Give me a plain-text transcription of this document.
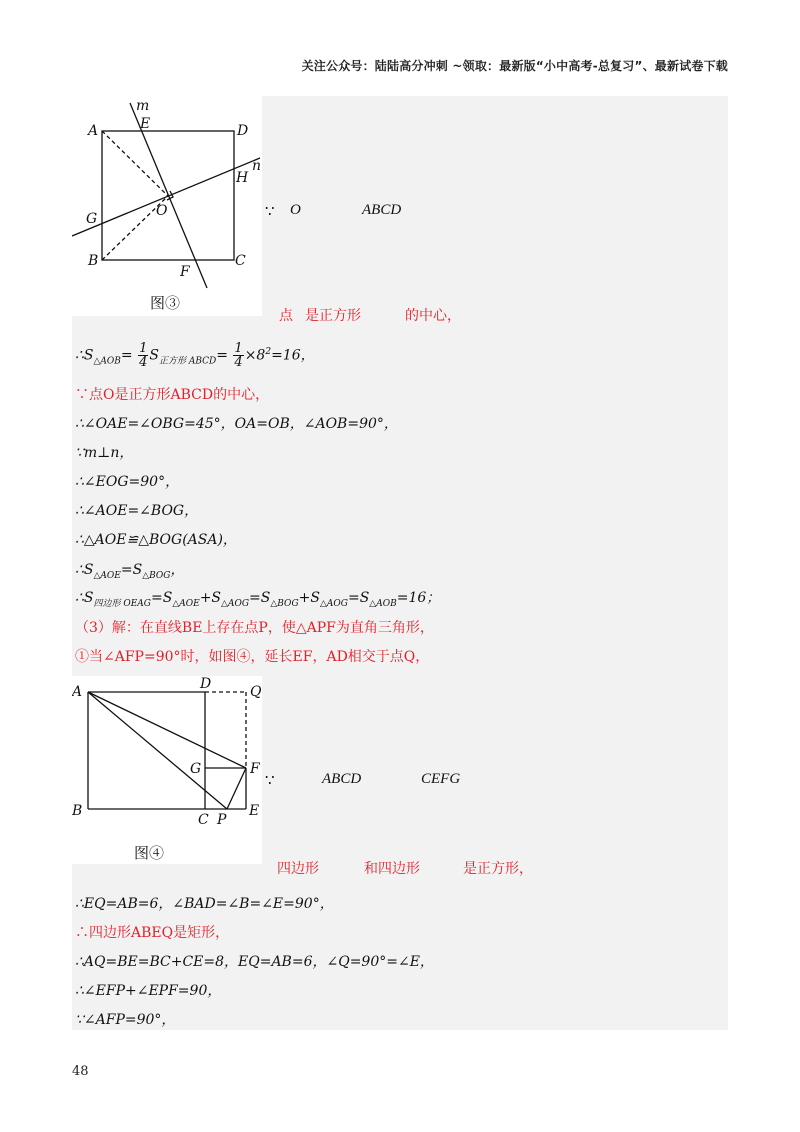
关注公众号：陆陆高分冲刺 ~领取：最新版“小中高考-总复习”、最新试卷下载
m
n
A	E	D
H
G	O
B
F
C
图③
∵ O	ABCD
点 是正方形	的中心，
$\therefore S_{\triangle AOB}= \frac{1}{4} S_{正方形 ABCD}= \frac{1}{4} \times 8^2=16$，
∵点O是正方形ABCD的中心，
∴∠OAE=∠OBG=45°，OA=OB，∠AOB=90°，
∵m⊥n，
∴∠EOG=90°，
∴∠AOE=∠BOG，
∴△AOE≌△BOG(ASA)，
$\therefore S_{\triangle AOE}=S_{\triangle BOG}$，
$\therefore S_{四边形 OEAG}=S_{\triangle AOE}+S_{\triangle AOG}=S_{\triangle BOG}+S_{\triangle AOG}=S_{\triangle AOB}=16$；
（3）解：在直线BE上存在点P，使△APF为直角三角形，
①当∠AFP=90°时，如图④，延长EF，AD相交于点Q，
A	D	Q
G	F
B
C P
E
图④
∵	ABCD	CEFG
四边形	和四边形	是正方形，
∴EQ=AB=6，∠BAD=∠B=∠E=90°，
∴四边形ABEQ是矩形，
∴AQ=BE=BC+CE=8，EQ=AB=6，∠Q=90°=∠E，
∴∠EFP+∠EPF=90，
∵∠AFP=90°，
48
